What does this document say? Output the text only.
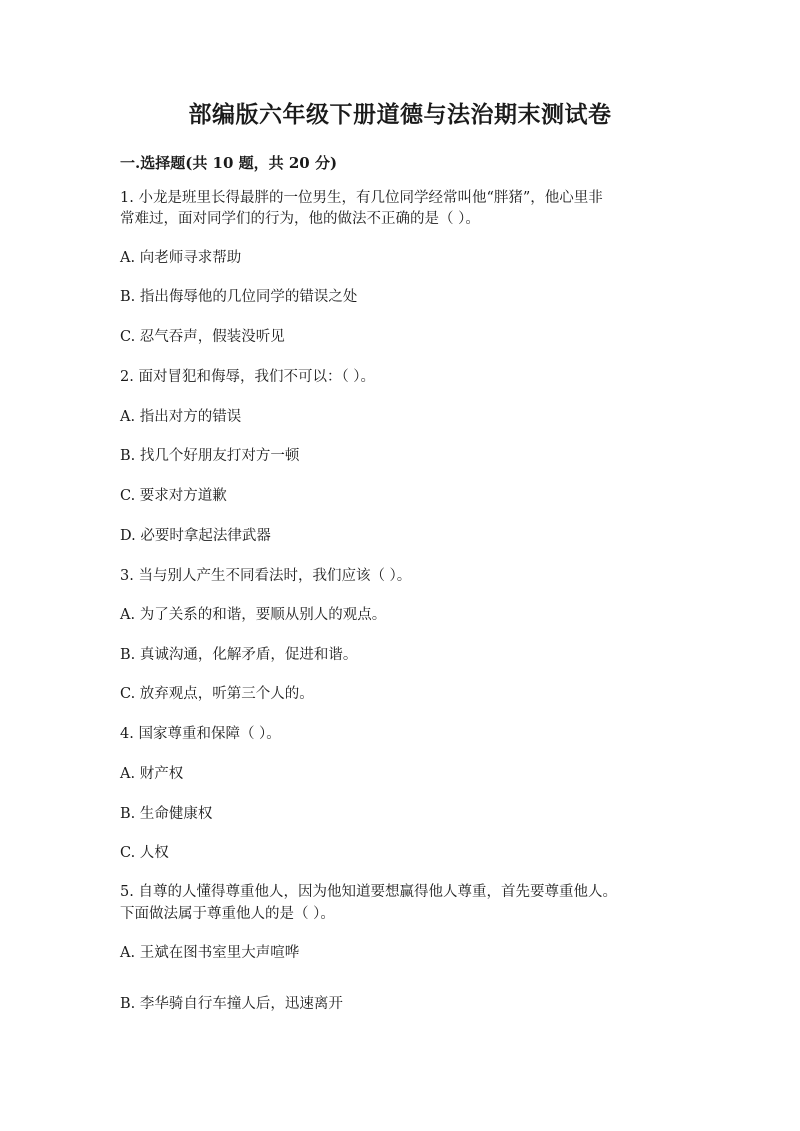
部编版六年级下册道德与法治期末测试卷
一.选择题(共 10 题，共 20 分)

1. 小龙是班里长得最胖的一位男生，有几位同学经常叫他“胖猪”，他心里非

常难过，面对同学们的行为，他的做法不正确的是（ ）。

A. 向老师寻求帮助

B. 指出侮辱他的几位同学的错误之处

C. 忍气吞声，假装没听见

2. 面对冒犯和侮辱，我们不可以：（ ）。

A. 指出对方的错误

B. 找几个好朋友打对方一顿

C. 要求对方道歉

D. 必要时拿起法律武器

3. 当与别人产生不同看法时，我们应该（ ）。

A. 为了关系的和谐，要顺从别人的观点。

B. 真诚沟通，化解矛盾，促进和谐。

C. 放弃观点，听第三个人的。

4. 国家尊重和保障（ ）。

A. 财产权

B. 生命健康权

C. 人权

5. 自尊的人懂得尊重他人，因为他知道要想赢得他人尊重，首先要尊重他人。

下面做法属于尊重他人的是（ ）。

A. 王斌在图书室里大声喧哗

B. 李华骑自行车撞人后，迅速离开
